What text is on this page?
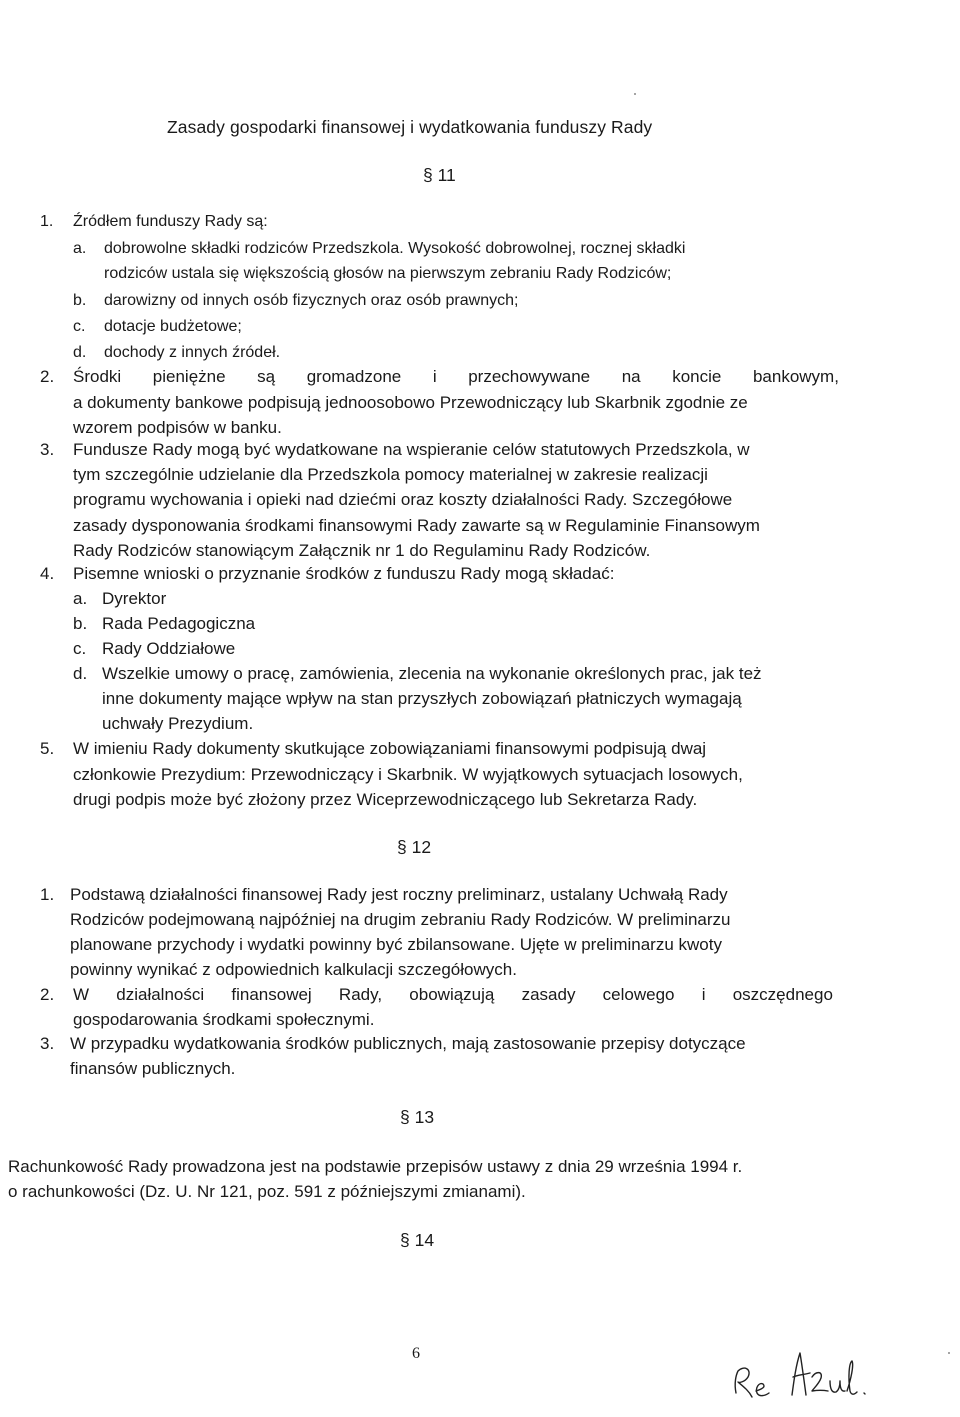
Zasady gospodarki finansowej i wydatkowania funduszy Rady
§ 11
1. Źródłem funduszy Rady są:
a. dobrowolne składki rodziców Przedszkola. Wysokość dobrowolnej, rocznej składki
rodziców ustala się większością głosów na pierwszym zebraniu Rady Rodziców;
b. darowizny od innych osób fizycznych oraz osób prawnych;
c. dotacje budżetowe;
d. dochody z innych źródeł.
2. Środki pieniężne są gromadzone i przechowywane na koncie bankowym,
a dokumenty bankowe podpisują jednoosobowo Przewodniczący lub Skarbnik zgodnie ze
wzorem podpisów w banku.
3. Fundusze Rady mogą być wydatkowane na wspieranie celów statutowych Przedszkola, w
tym szczególnie udzielanie dla Przedszkola pomocy materialnej w zakresie realizacji
programu wychowania i opieki nad dziećmi oraz koszty działalności Rady. Szczegółowe
zasady dysponowania środkami finansowymi Rady zawarte są w Regulaminie Finansowym
Rady Rodziców stanowiącym Załącznik nr 1 do Regulaminu Rady Rodziców.
4. Pisemne wnioski o przyznanie środków z funduszu Rady mogą składać:
a. Dyrektor
b. Rada Pedagogiczna
c. Rady Oddziałowe
d. Wszelkie umowy o pracę, zamówienia, zlecenia na wykonanie określonych prac, jak też
inne dokumenty mające wpływ na stan przyszłych zobowiązań płatniczych wymagają
uchwały Prezydium.
5. W imieniu Rady dokumenty skutkujące zobowiązaniami finansowymi podpisują dwaj
członkowie Prezydium: Przewodniczący i Skarbnik. W wyjątkowych sytuacjach losowych,
drugi podpis może być złożony przez Wiceprzewodniczącego lub Sekretarza Rady.
§ 12
1. Podstawą działalności finansowej Rady jest roczny preliminarz, ustalany Uchwałą Rady
Rodziców podejmowaną najpóźniej na drugim zebraniu Rady Rodziców. W preliminarzu
planowane przychody i wydatki powinny być zbilansowane. Ujęte w preliminarzu kwoty
powinny wynikać z odpowiednich kalkulacji szczegółowych.
2. W działalności finansowej Rady, obowiązują zasady celowego i oszczędnego
gospodarowania środkami społecznymi.
3. W przypadku wydatkowania środków publicznych, mają zastosowanie przepisy dotyczące
finansów publicznych.
§ 13
Rachunkowość Rady prowadzona jest na podstawie przepisów ustawy z dnia 29 września 1994 r.
o rachunkowości (Dz. U. Nr 121, poz. 591 z późniejszymi zmianami).
§ 14
6
